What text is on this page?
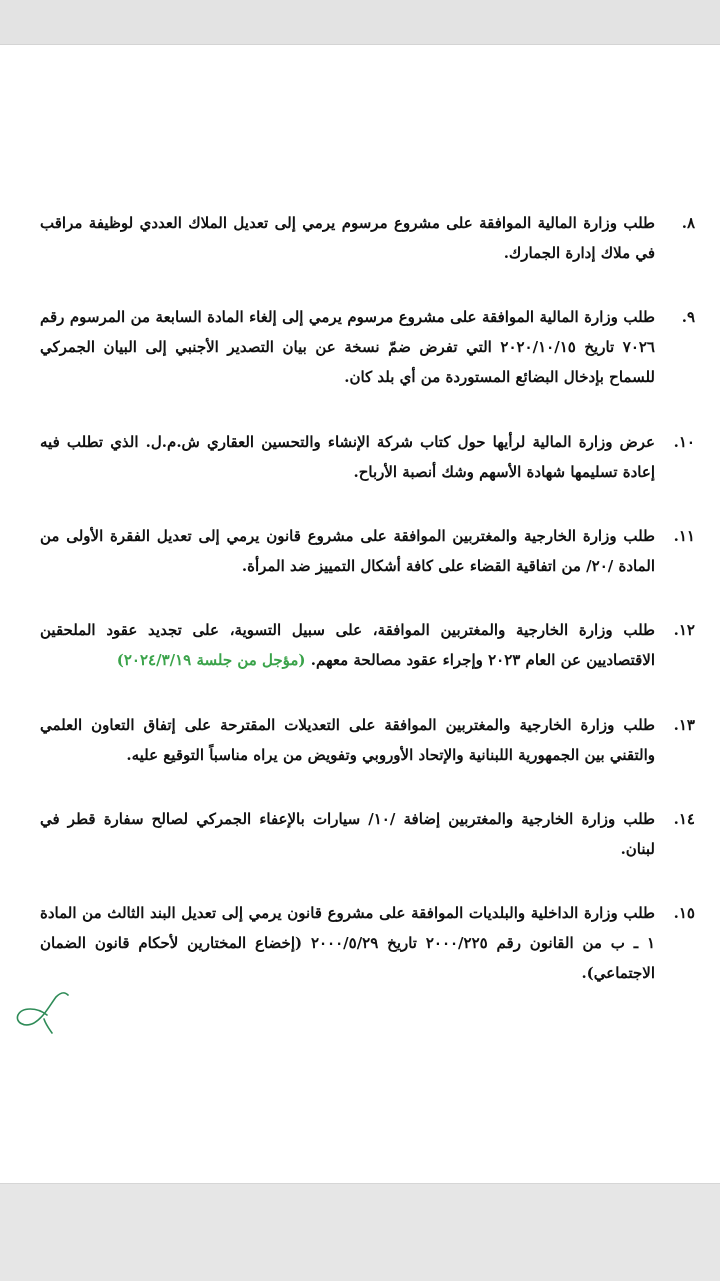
.٨
طلب وزارة المالية الموافقة على مشروع مرسوم يرمي إلى تعديل الملاك العددي لوظيفة مراقب في ملاك إدارة الجمارك.
.٩
طلب وزارة المالية الموافقة على مشروع مرسوم يرمي إلى إلغاء المادة السابعة من المرسوم رقم ٧٠٢٦ تاريخ ٢٠٢٠/١٠/١٥ التي تفرض ضمّ نسخة عن بيان التصدير الأجنبي إلى البيان الجمركي للسماح بإدخال البضائع المستوردة من أي بلد كان.
.١٠
عرض وزارة المالية لرأيها حول كتاب شركة الإنشاء والتحسين العقاري ش.م.ل. الذي تطلب فيه إعادة تسليمها شهادة الأسهم وشك أنصبة الأرباح.
.١١
طلب وزارة الخارجية والمغتربين الموافقة على مشروع قانون يرمي إلى تعديل الفقرة الأولى من المادة /٢٠/ من اتفاقية القضاء على كافة أشكال التمييز ضد المرأة.
.١٢
طلب وزارة الخارجية والمغتربين الموافقة، على سبيل التسوية، على تجديد عقود الملحقين الاقتصاديين عن العام ٢٠٢٣ وإجراء عقود مصالحة معهم. (مؤجل من جلسة ٢٠٢٤/٣/١٩)
.١٣
طلب وزارة الخارجية والمغتربين الموافقة على التعديلات المقترحة على إتفاق التعاون العلمي والتقني بين الجمهورية اللبنانية والإتحاد الأوروبي وتفويض من يراه مناسباً التوقيع عليه.
.١٤
طلب وزارة الخارجية والمغتربين إضافة /١٠/ سيارات بالإعفاء الجمركي لصالح سفارة قطر في لبنان.
.١٥
طلب وزارة الداخلية والبلديات الموافقة على مشروع قانون يرمي إلى تعديل البند الثالث من المادة ١ ـ ب من القانون رقم ٢٠٠٠/٢٢٥ تاريخ ٢٠٠٠/٥/٢٩ (إخضاع المختارين لأحكام قانون الضمان الاجتماعي).
